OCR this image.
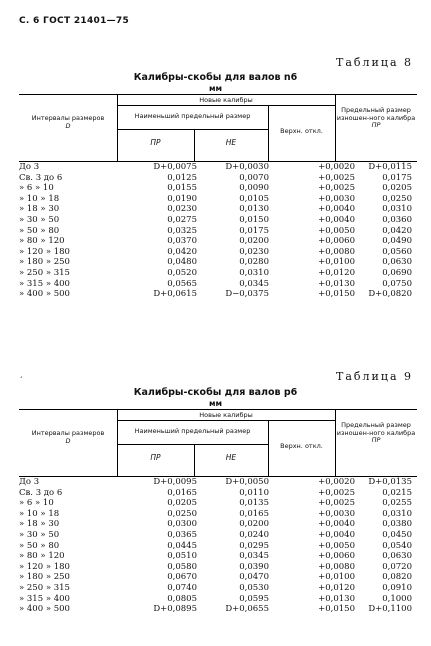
С. 6 ГОСТ 21401—75
Таблица 8
Калибры-скобы для валов n6
мм
Интервалы размеров
D
Новые калибры
Наименьший предельный размер
ПР	НЕ
Верхн. откл.
Предельный размер изношен-ного калибра
ПР
До 3	D+0,0075	D+0,0030	+0,0020	D+0,0115
Св. 3 до 6	0,0125	0,0070	+0,0025	0,0175
» 6 » 10	0,0155	0,0090	+0,0025	0,0205
» 10 » 18	0,0190	0,0105	+0,0030	0,0250
» 18 » 30	0,0230	0,0130	+0,0040	0,0310
» 30 » 50	0,0275	0,0150	+0,0040	0,0360
» 50 » 80	0,0325	0,0175	+0,0050	0,0420
» 80 » 120	0,0370	0,0200	+0,0060	0,0490
» 120 » 180	0,0420	0,0230	+0,0080	0,0560
» 180 » 250	0,0480	0,0280	+0,0100	0,0630
» 250 » 315	0,0520	0,0310	+0,0120	0,0690
» 315 » 400	0,0565	0,0345	+0,0130	0,0750
» 400 » 500	D+0,0615	D−0,0375	+0,0150	D+0,0820
ˊ	Таблица 9
Калибры-скобы для валов р6
мм
Интервалы размеров
D
Новые калибры
Наименьший предельный размер
ПР	НЕ
Верхн. откл.
Предельный размер изношен-ного калибра
ПР
До 3	D+0,0095	D+0,0050	+0,0020	D+0,0135
Св. 3 до 6	0,0165	0,0110	+0,0025	0,0215
» 6 » 10	0,0205	0,0135	+0,0025	0,0255
» 10 » 18	0,0250	0,0165	+0,0030	0,0310
» 18 » 30	0,0300	0,0200	+0,0040	0,0380
» 30 » 50	0,0365	0,0240	+0,0040	0,0450
» 50 » 80	0,0445	0,0295	+0,0050	0,0540
» 80 » 120	0,0510	0,0345	+0,0060	0,0630
» 120 » 180	0,0580	0,0390	+0,0080	0,0720
» 180 » 250	0,0670	0,0470	+0,0100	0,0820
» 250 » 315	0,0740	0,0530	+0,0120	0,0910
» 315 » 400	0,0805	0,0595	+0,0130	0,1000
» 400 » 500	D+0,0895	D+0,0655	+0,0150	D+0,1100
